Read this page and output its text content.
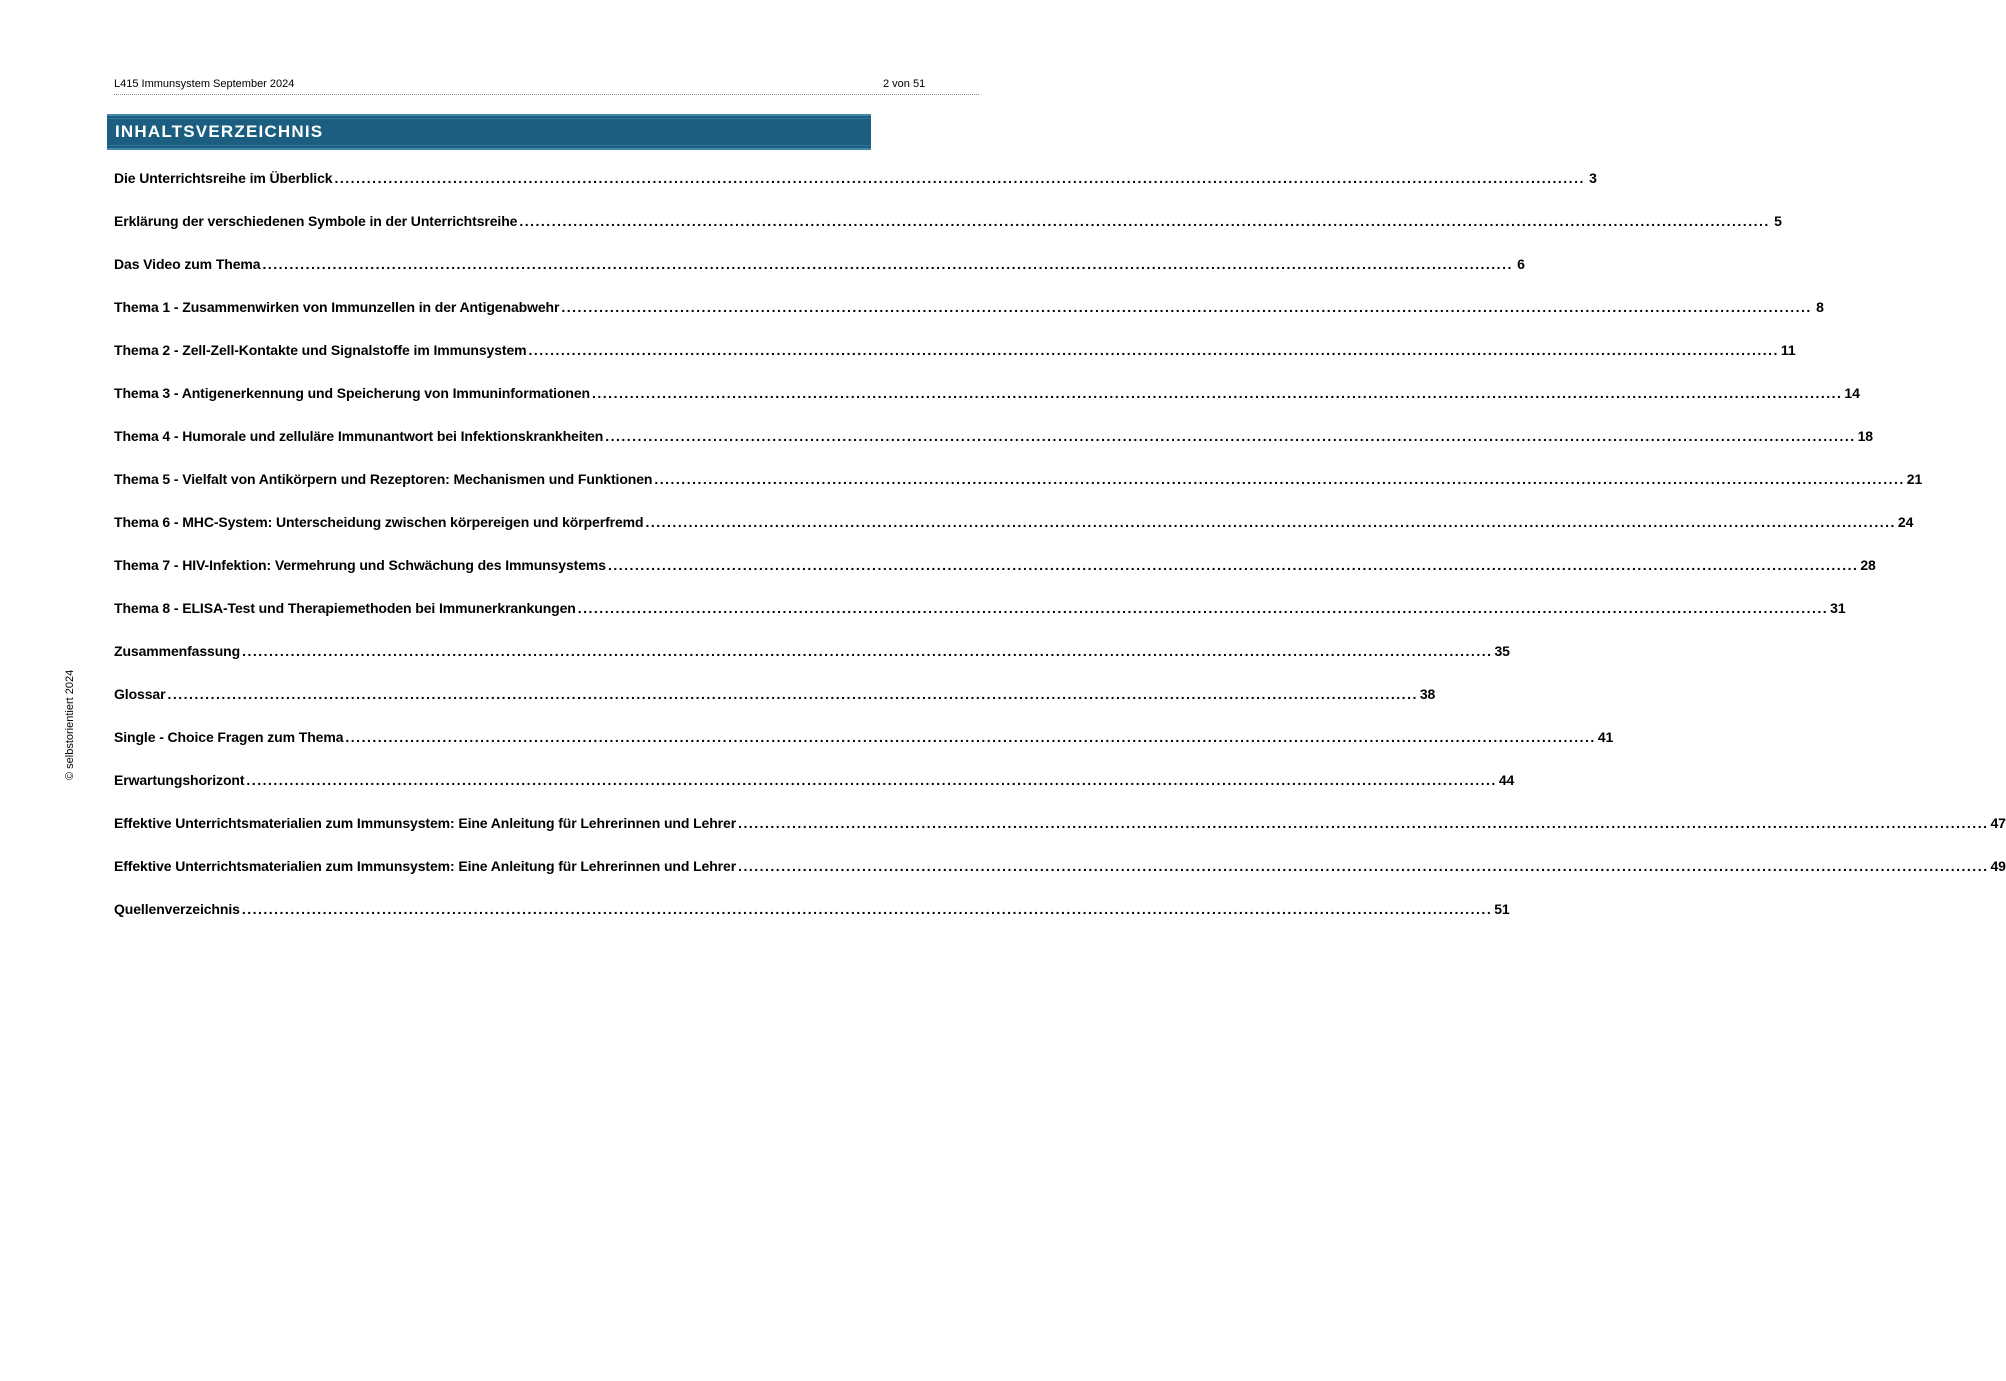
L415 Immunsystem September 2024	2 von 51
INHALTSVERZEICHNIS
Die Unterrichtsreihe im Überblick .....	3
Erklärung der verschiedenen Symbole in der Unterrichtsreihe .....	5
Das Video zum Thema .....	6
Thema 1 - Zusammenwirken von Immunzellen in der Antigenabwehr .....	8
Thema 2 - Zell-Zell-Kontakte und Signalstoffe im Immunsystem .....	11
Thema 3 - Antigenerkennung und Speicherung von Immuninformationen .....	14
Thema 4 - Humorale und zelluläre Immunantwort bei Infektionskrankheiten .....	18
Thema 5 - Vielfalt von Antikörpern und Rezeptoren: Mechanismen und Funktionen .....	21
Thema 6 - MHC-System: Unterscheidung zwischen körpereigen und körperfremd .....	24
Thema 7 - HIV-Infektion: Vermehrung und Schwächung des Immunsystems .....	28
Thema 8 - ELISA-Test und Therapiemethoden bei Immunerkrankungen .....	31
Zusammenfassung .....	35
Glossar .....	38
Single - Choice Fragen zum Thema .....	41
Erwartungshorizont .....	44
Effektive Unterrichtsmaterialien zum Immunsystem: Eine Anleitung für Lehrerinnen und Lehrer .....	47
Effektive Unterrichtsmaterialien zum Immunsystem: Eine Anleitung für Lehrerinnen und Lehrer .....	49
Quellenverzeichnis .....	51
© selbstorientiert 2024
